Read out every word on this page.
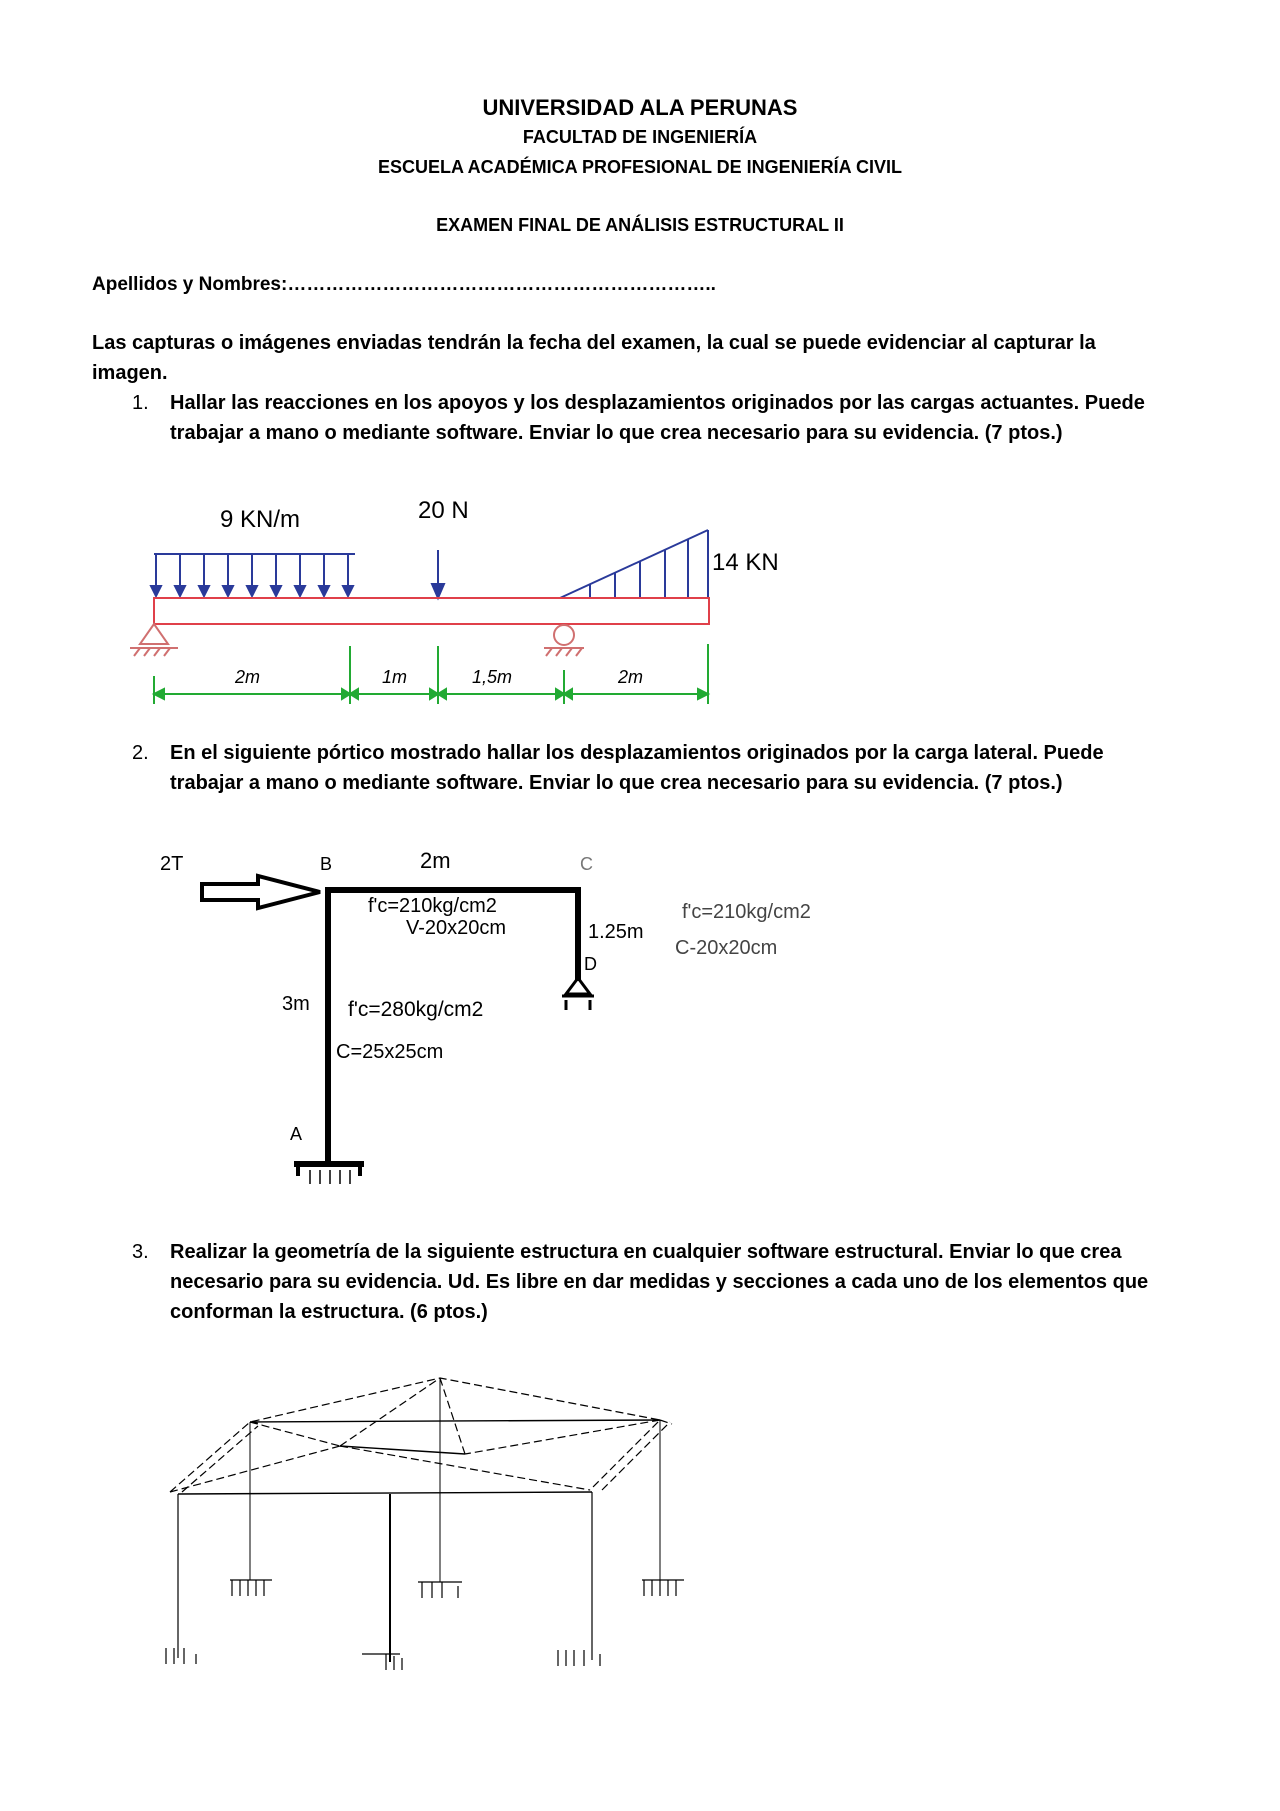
UNIVERSIDAD ALA PERUNAS
FACULTAD DE INGENIERÍA
ESCUELA ACADÉMICA PROFESIONAL DE INGENIERÍA CIVIL
EXAMEN FINAL DE ANÁLISIS ESTRUCTURAL II
Apellidos y Nombres:…………………………………………………………..
Las capturas o imágenes enviadas tendrán la fecha del examen, la cual se puede evidenciar al capturar la
imagen.
1. Hallar las reacciones en los apoyos y los desplazamientos originados por las cargas actuantes. Puede
trabajar a mano o mediante software. Enviar lo que crea necesario para su evidencia. (7 ptos.)
9 KN/m	20 N
14 KN
2m	1m	1,5m	2m
2. En el siguiente pórtico mostrado hallar los desplazamientos originados por la carga lateral. Puede
trabajar a mano o mediante software. Enviar lo que crea necesario para su evidencia. (7 ptos.)
2T	B	C
2m
f'c=210kg/cm2
V-20x20cm	1.25m
D
f'c=210kg/cm2
C-20x20cm
3m f'c=280kg/cm2
C=25x25cm
A
3. Realizar la geometría de la siguiente estructura en cualquier software estructural. Enviar lo que crea
necesario para su evidencia. Ud. Es libre en dar medidas y secciones a cada uno de los elementos que
conforman la estructura. (6 ptos.)
